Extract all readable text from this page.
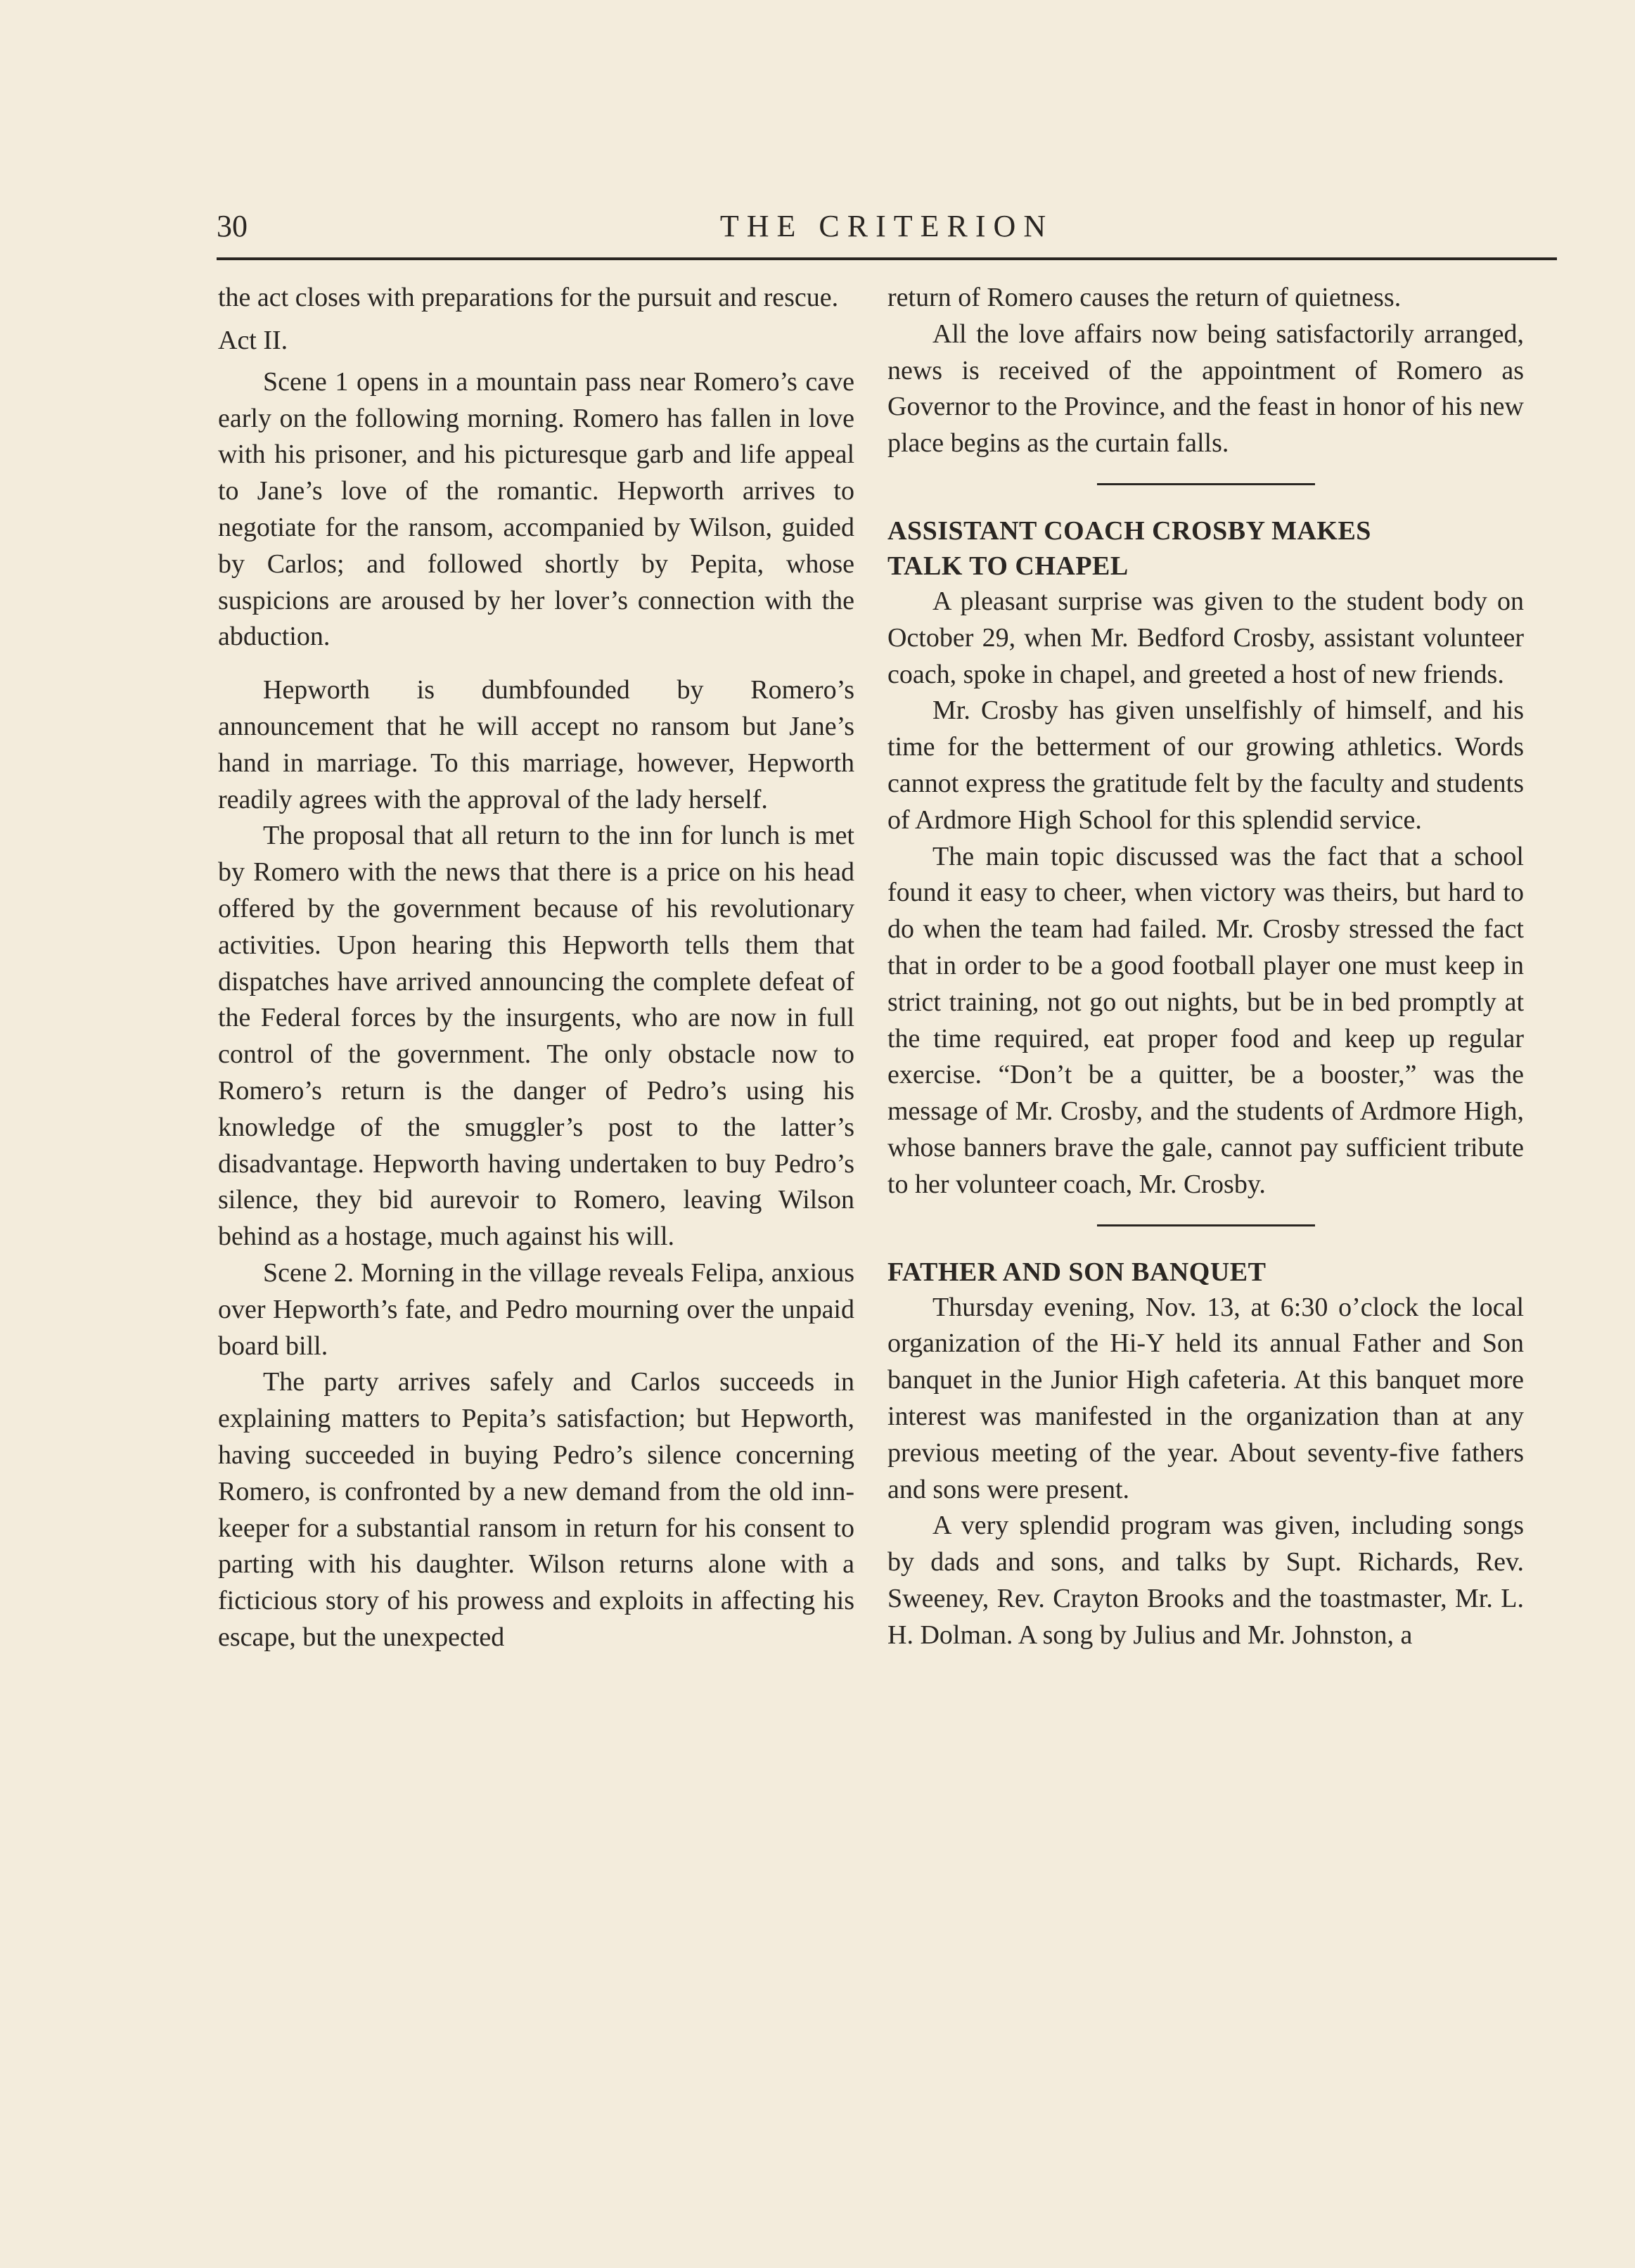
30	THE CRITERION

the act closes with preparations for the pursuit and rescue.

Act II.

Scene 1 opens in a mountain pass near Romero’s cave early on the following morning. Romero has fallen in love with his prisoner, and his picturesque garb and life appeal to Jane’s love of the romantic. Hepworth arrives to negotiate for the ransom, accompanied by Wilson, guided by Carlos; and followed shortly by Pepita, whose suspicions are aroused by her lover’s connection with the abduction.

Hepworth is dumbfounded by Romero’s announcement that he will accept no ransom but Jane’s hand in marriage. To this marriage, however, Hepworth readily agrees with the approval of the lady herself.

The proposal that all return to the inn for lunch is met by Romero with the news that there is a price on his head offered by the government because of his revolutionary activities. Upon hearing this Hepworth tells them that dispatches have arrived announcing the complete defeat of the Federal forces by the insurgents, who are now in full control of the government. The only obstacle now to Romero’s return is the danger of Pedro’s using his knowledge of the smuggler’s post to the latter’s disadvantage. Hepworth having undertaken to buy Pedro’s silence, they bid aurevoir to Romero, leaving Wilson behind as a hostage, much against his will.

Scene 2. Morning in the village reveals Felipa, anxious over Hepworth’s fate, and Pedro mourning over the unpaid board bill.

The party arrives safely and Carlos succeeds in explaining matters to Pepita’s satisfaction; but Hepworth, having succeeded in buying Pedro’s silence concerning Romero, is confronted by a new demand from the old inn-keeper for a substantial ransom in return for his consent to parting with his daughter. Wilson returns alone with a ficticious story of his prowess and exploits in affecting his escape, but the unexpected

return of Romero causes the return of quietness.

All the love affairs now being satisfactorily arranged, news is received of the appointment of Romero as Governor to the Province, and the feast in honor of his new place begins as the curtain falls.

ASSISTANT COACH CROSBY MAKES

TALK TO CHAPEL

A pleasant surprise was given to the student body on October 29, when Mr. Bedford Crosby, assistant volunteer coach, spoke in chapel, and greeted a host of new friends.

Mr. Crosby has given unselfishly of himself, and his time for the betterment of our growing athletics. Words cannot express the gratitude felt by the faculty and students of Ardmore High School for this splendid service.

The main topic discussed was the fact that a school found it easy to cheer, when victory was theirs, but hard to do when the team had failed. Mr. Crosby stressed the fact that in order to be a good football player one must keep in strict training, not go out nights, but be in bed promptly at the time required, eat proper food and keep up regular exercise. “Don’t be a quitter, be a booster,” was the message of Mr. Crosby, and the students of Ardmore High, whose banners brave the gale, cannot pay sufficient tribute to her volunteer coach, Mr. Crosby.

FATHER AND SON BANQUET

Thursday evening, Nov. 13, at 6:30 o’clock the local organization of the Hi-Y held its annual Father and Son banquet in the Junior High cafeteria. At this banquet more interest was manifested in the organization than at any previous meeting of the year. About seventy-five fathers and sons were present.

A very splendid program was given, including songs by dads and sons, and talks by Supt. Richards, Rev. Sweeney, Rev. Crayton Brooks and the toastmaster, Mr. L. H. Dolman. A song by Julius and Mr. Johnston, a
